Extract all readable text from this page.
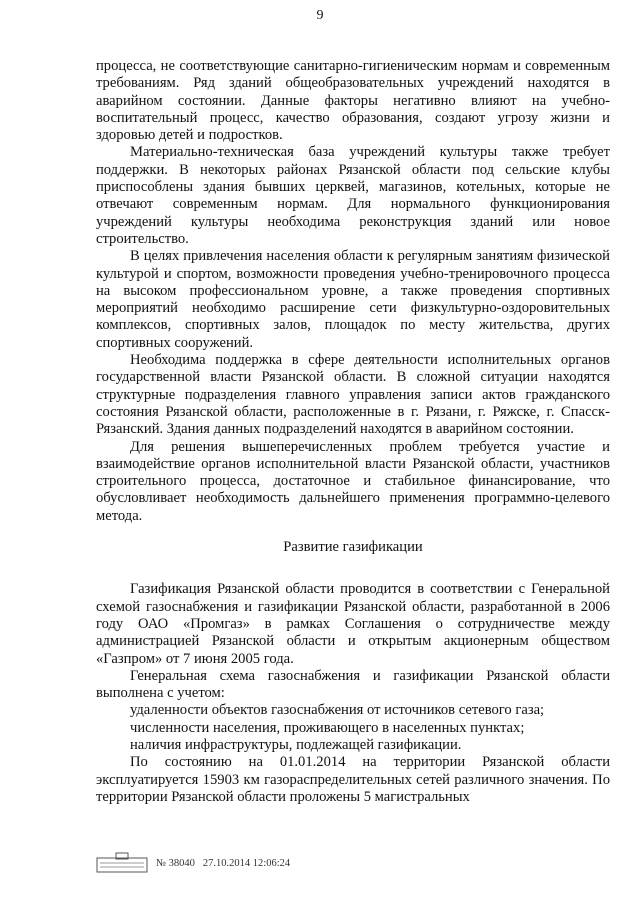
9

процесса, не соответствующие санитарно-гигиеническим нормам и современным требованиям. Ряд зданий общеобразовательных учреждений находятся в аварийном состоянии. Данные факторы негативно влияют на учебно-воспитательный процесс, качество образования, создают угрозу жизни и здоровью детей и подростков.

Материально-техническая база учреждений культуры также требует поддержки. В некоторых районах Рязанской области под сельские клубы приспособлены здания бывших церквей, магазинов, котельных, которые не отвечают современным нормам. Для нормального функционирования учреждений культуры необходима реконструкция зданий или новое строительство.

В целях привлечения населения области к регулярным занятиям физической культурой и спортом, возможности проведения учебно-тренировочного процесса на высоком профессиональном уровне, а также проведения спортивных мероприятий необходимо расширение сети физкультурно-оздоровительных комплексов, спортивных залов, площадок по месту жительства, других спортивных сооружений.

Необходима поддержка в сфере деятельности исполнительных органов государственной власти Рязанской области. В сложной ситуации находятся структурные подразделения главного управления записи актов гражданского состояния Рязанской области, расположенные в г. Рязани, г. Ряжске, г. Спасск-Рязанский. Здания данных подразделений находятся в аварийном состоянии.

Для решения вышеперечисленных проблем требуется участие и взаимодействие органов исполнительной власти Рязанской области, участников строительного процесса, достаточное и стабильное финансирование, что обусловливает необходимость дальнейшего применения программно-целевого метода.

Развитие газификации

Газификация Рязанской области проводится в соответствии с Генеральной схемой газоснабжения и газификации Рязанской области, разработанной в 2006 году ОАО «Промгаз» в рамках Соглашения о сотрудничестве между администрацией Рязанской области и открытым акционерным обществом «Газпром» от 7 июня 2005 года.

Генеральная схема газоснабжения и газификации Рязанской области выполнена с учетом:

удаленности объектов газоснабжения от источников сетевого газа;

численности населения, проживающего в населенных пунктах;

наличия инфраструктуры, подлежащей газификации.

По состоянию на 01.01.2014 на территории Рязанской области эксплуатируется 15903 км газораспределительных сетей различного значения. По территории Рязанской области проложены 5 магистральных

№ 38040 27.10.2014 12:06:24
